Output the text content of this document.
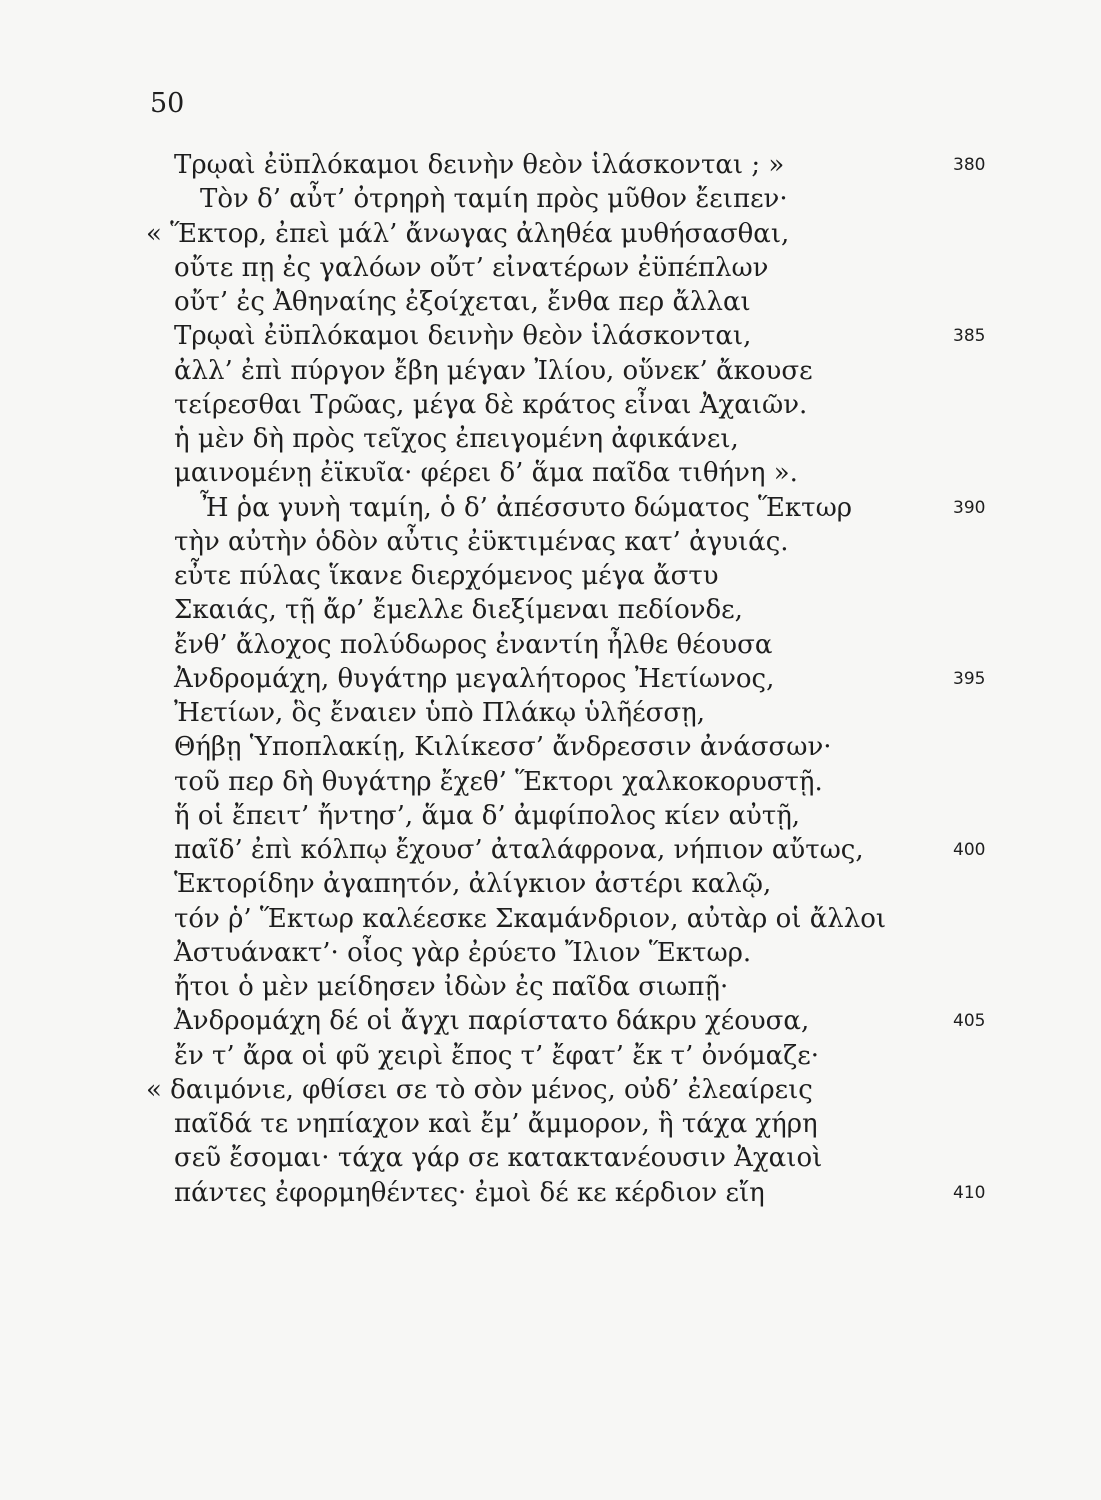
50
Τρῳαὶ ἐϋπλόκαμοι δεινὴν θεὸν ἱλάσκονται ; »	380
Τὸν δ’ αὖτ’ ὀτρηρὴ ταμίη πρὸς μῦθον ἔειπεν·
« Ἕκτορ, ἐπεὶ μάλ’ ἄνωγας ἀληθέα μυθήσασθαι,
οὔτε πῃ ἐς γαλόων οὔτ’ εἰνατέρων ἐϋπέπλων
οὔτ’ ἐς Ἀθηναίης ἐξοίχεται, ἔνθα περ ἄλλαι
Τρῳαὶ ἐϋπλόκαμοι δεινὴν θεὸν ἱλάσκονται,	385
ἀλλ’ ἐπὶ πύργον ἔβη μέγαν Ἰλίου, οὕνεκ’ ἄκουσε
τείρεσθαι Τρῶας, μέγα δὲ κράτος εἶναι Ἀχαιῶν.
ἡ μὲν δὴ πρὸς τεῖχος ἐπειγομένη ἀφικάνει,
μαινομένῃ ἐϊκυῖα· φέρει δ’ ἅμα παῖδα τιθήνη ».
Ἦ ῥα γυνὴ ταμίη, ὁ δ’ ἀπέσσυτο δώματος Ἕκτωρ	390
τὴν αὐτὴν ὁδὸν αὖτις ἐϋκτιμένας κατ’ ἀγυιάς.
εὖτε πύλας ἵκανε διερχόμενος μέγα ἄστυ
Σκαιάς, τῇ ἄρ’ ἔμελλε διεξίμεναι πεδίονδε,
ἔνθ’ ἄλοχος πολύδωρος ἐναντίη ἦλθε θέουσα
Ἀνδρομάχη, θυγάτηρ μεγαλήτορος Ἠετίωνος,	395
Ἠετίων, ὃς ἔναιεν ὑπὸ Πλάκῳ ὑλῆέσσῃ,
Θήβῃ Ὑποπλακίῃ, Κιλίκεσσ’ ἄνδρεσσιν ἀνάσσων·
τοῦ περ δὴ θυγάτηρ ἔχεθ’ Ἕκτορι χαλκοκορυστῇ.
ἥ οἱ ἔπειτ’ ἤντησ’, ἅμα δ’ ἀμφίπολος κίεν αὐτῇ,
παῖδ’ ἐπὶ κόλπῳ ἔχουσ’ ἀταλάφρονα, νήπιον αὔτως,	400
Ἑκτορίδην ἀγαπητόν, ἀλίγκιον ἀστέρι καλῷ,
τόν ῥ’ Ἕκτωρ καλέεσκε Σκαμάνδριον, αὐτὰρ οἱ ἄλλοι
Ἀστυάνακτ’· οἶος γὰρ ἐρύετο Ἴλιον Ἕκτωρ.
ἤτοι ὁ μὲν μείδησεν ἰδὼν ἐς παῖδα σιωπῇ·
Ἀνδρομάχη δέ οἱ ἄγχι παρίστατο δάκρυ χέουσα,	405
ἔν τ’ ἄρα οἱ φῦ χειρὶ ἔπος τ’ ἔφατ’ ἔκ τ’ ὀνόμαζε·
« δαιμόνιε, φθίσει σε τὸ σὸν μένος, οὐδ’ ἐλεαίρεις
παῖδά τε νηπίαχον καὶ ἔμ’ ἄμμορον, ἣ τάχα χήρη
σεῦ ἔσομαι· τάχα γάρ σε κατακτανέουσιν Ἀχαιοὶ
πάντες ἐφορμηθέντες· ἐμοὶ δέ κε κέρδιον εἴη	410
